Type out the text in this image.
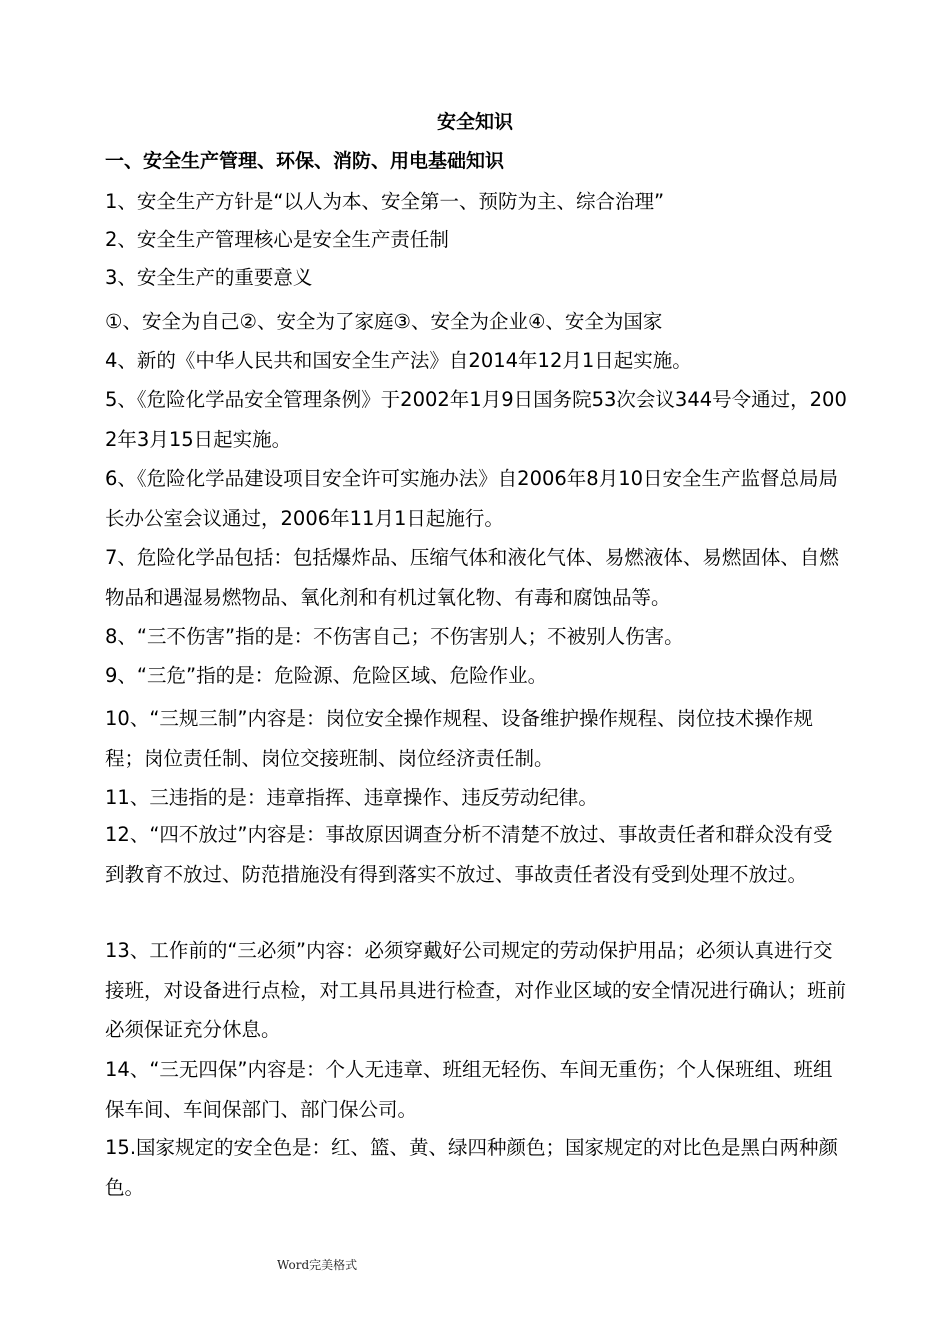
安全知识
一、安全生产管理、环保、消防、用电基础知识
1、安全生产方针是“以人为本、安全第一、预防为主、综合治理”
2、安全生产管理核心是安全生产责任制
3、安全生产的重要意义
①、安全为自己②、安全为了家庭③、安全为企业④、安全为国家
4、新的《中华人民共和国安全生产法》自2014年12月1日起实施。
5、《危险化学品安全管理条例》于2002年1月9日国务院53次会议344号令通过，2002年3月15日起实施。
6、《危险化学品建设项目安全许可实施办法》自2006年8月10日安全生产监督总局局长办公室会议通过，2006年11月1日起施行。
7、危险化学品包括：包括爆炸品、压缩气体和液化气体、易燃液体、易燃固体、自燃物品和遇湿易燃物品、氧化剂和有机过氧化物、有毒和腐蚀品等。
8、“三不伤害”指的是：不伤害自己；不伤害别人；不被别人伤害。
9、“三危”指的是：危险源、危险区域、危险作业。
10、“三规三制”内容是：岗位安全操作规程、设备维护操作规程、岗位技术操作规程；岗位责任制、岗位交接班制、岗位经济责任制。
11、三违指的是：违章指挥、违章操作、违反劳动纪律。
12、“四不放过”内容是：事故原因调查分析不清楚不放过、事故责任者和群众没有受到教育不放过、防范措施没有得到落实不放过、事故责任者没有受到处理不放过。
13、工作前的“三必须”内容：必须穿戴好公司规定的劳动保护用品；必须认真进行交接班，对设备进行点检，对工具吊具进行检查，对作业区域的安全情况进行确认；班前必须保证充分休息。
14、“三无四保”内容是：个人无违章、班组无轻伤、车间无重伤；个人保班组、班组保车间、车间保部门、部门保公司。
15.国家规定的安全色是：红、篮、黄、绿四种颜色；国家规定的对比色是黑白两种颜色。
Word完美格式
